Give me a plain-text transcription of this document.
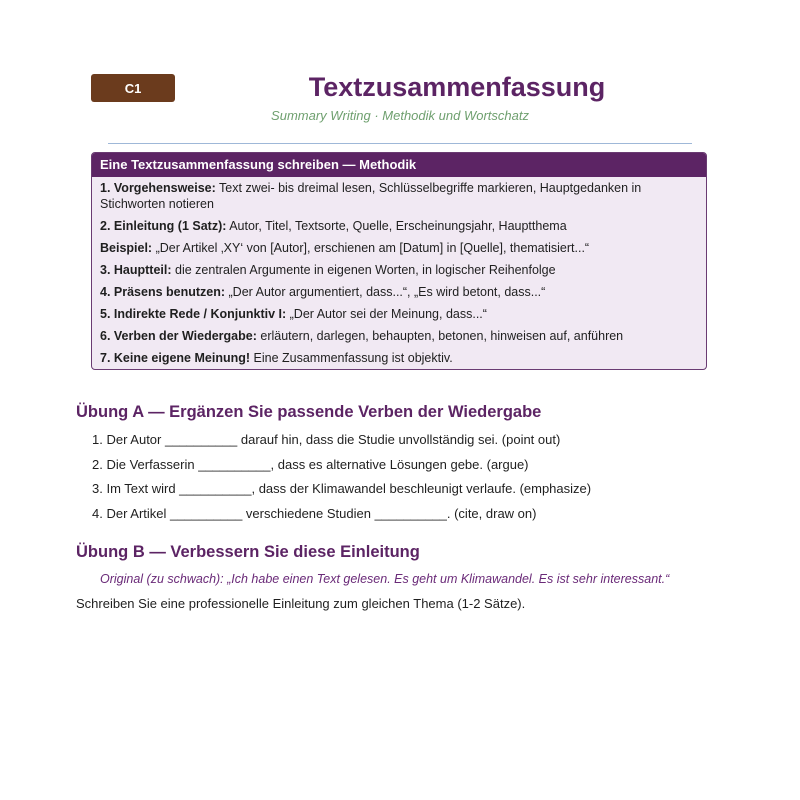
C1	Textzusammenfassung
Summary Writing · Methodik und Wortschatz
Eine Textzusammenfassung schreiben — Methodik
1. Vorgehensweise: Text zwei- bis dreimal lesen, Schlüsselbegriffe markieren, Hauptgedanken in Stichworten notieren
2. Einleitung (1 Satz): Autor, Titel, Textsorte, Quelle, Erscheinungsjahr, Hauptthema
Beispiel: „Der Artikel ‚XY‘ von [Autor], erschienen am [Datum] in [Quelle], thematisiert...“
3. Hauptteil: die zentralen Argumente in eigenen Worten, in logischer Reihenfolge
4. Präsens benutzen: „Der Autor argumentiert, dass...“, „Es wird betont, dass...“
5. Indirekte Rede / Konjunktiv I: „Der Autor sei der Meinung, dass...“
6. Verben der Wiedergabe: erläutern, darlegen, behaupten, betonen, hinweisen auf, anführen
7. Keine eigene Meinung! Eine Zusammenfassung ist objektiv.
Übung A — Ergänzen Sie passende Verben der Wiedergabe
1. Der Autor __________ darauf hin, dass die Studie unvollständig sei. (point out)
2. Die Verfasserin __________, dass es alternative Lösungen gebe. (argue)
3. Im Text wird __________, dass der Klimawandel beschleunigt verlaufe. (emphasize)
4. Der Artikel __________ verschiedene Studien __________. (cite, draw on)
Übung B — Verbessern Sie diese Einleitung
Original (zu schwach): „Ich habe einen Text gelesen. Es geht um Klimawandel. Es ist sehr interessant.“
Schreiben Sie eine professionelle Einleitung zum gleichen Thema (1-2 Sätze).
